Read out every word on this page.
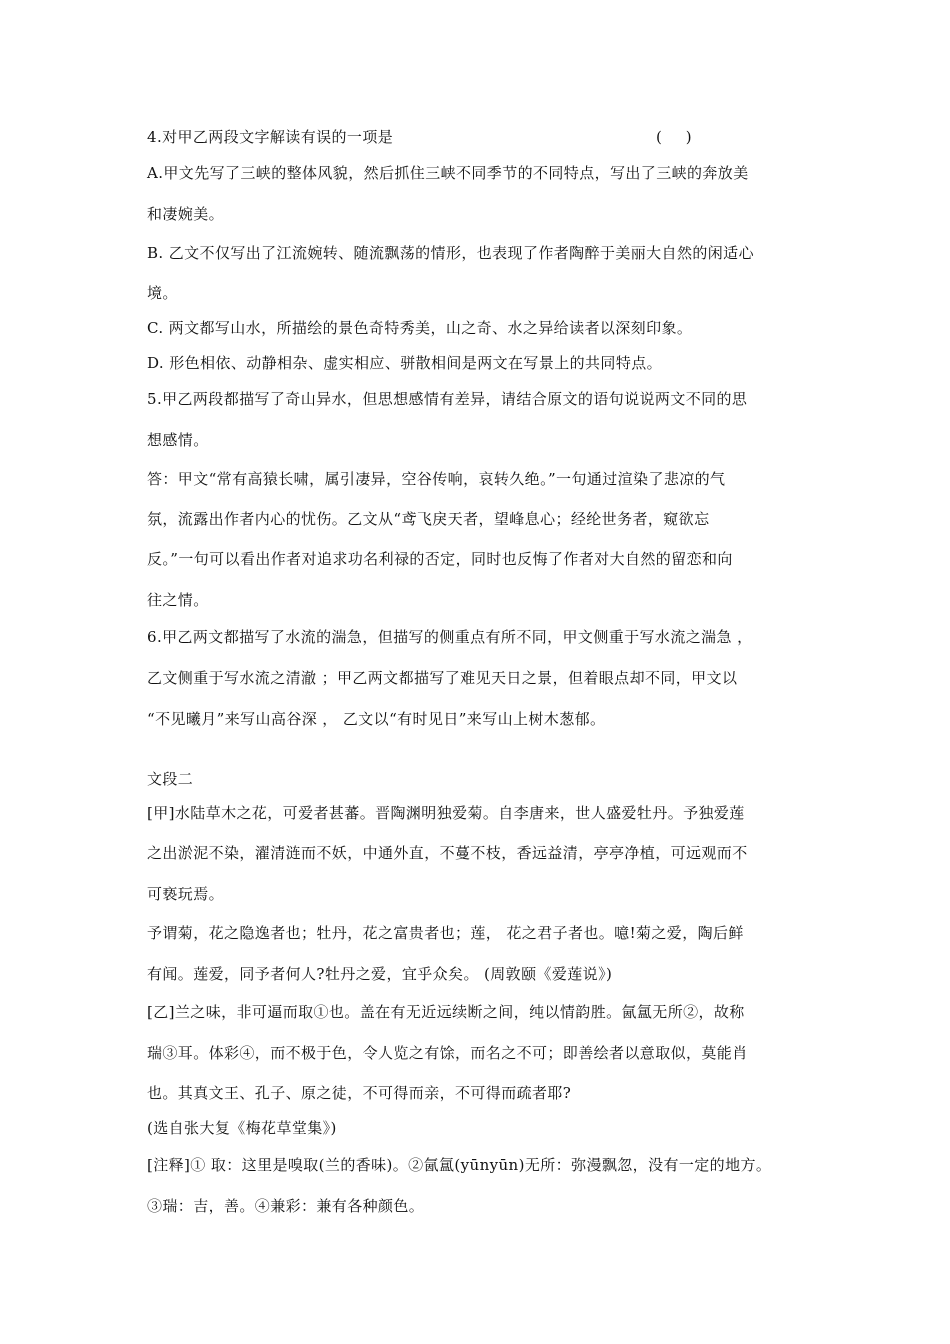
4.对甲乙两段文字解读有误的一项是	(     )
A.甲文先写了三峡的整体风貌，然后抓住三峡不同季节的不同特点，写出了三峡的奔放美
和凄婉美。
B. 乙文不仅写出了江流婉转、随流飘荡的情形，也表现了作者陶醉于美丽大自然的闲适心
境。
C. 两文都写山水，所描绘的景色奇特秀美，山之奇、水之异给读者以深刻印象。
D. 形色相依、动静相杂、虚实相应、骈散相间是两文在写景上的共同特点。
5.甲乙两段都描写了奇山异水，但思想感情有差异，请结合原文的语句说说两文不同的思
想感情。
答：甲文“常有高猿长啸，属引凄异，空谷传响，哀转久绝。”一句通过渲染了悲凉的气
氛，流露出作者内心的忧伤。乙文从“鸢飞戾天者，望峰息心；经纶世务者，窥欲忘
反。”一句可以看出作者对追求功名利禄的否定，同时也反悔了作者对大自然的留恋和向
往之情。
6.甲乙两文都描写了水流的湍急，但描写的侧重点有所不同，甲文侧重于写水流之湍急 ，
乙文侧重于写水流之清澈 ；甲乙两文都描写了难见天日之景，但着眼点却不同，甲文以
“不见曦月”来写山高谷深 ， 乙文以“有时见日”来写山上树木葱郁。
文段二
[甲]水陆草木之花，可爱者甚蕃。晋陶渊明独爱菊。自李唐来，世人盛爱牡丹。予独爱莲
之出淤泥不染，濯清涟而不妖，中通外直，不蔓不枝，香远益清，亭亭净植，可远观而不
可亵玩焉。
予谓菊，花之隐逸者也；牡丹，花之富贵者也；莲， 花之君子者也。噫!菊之爱，陶后鲜
有闻。莲爱，同予者何人?牡丹之爱，宜乎众矣。 (周敦颐《爱莲说》)
[乙]兰之味，非可逼而取①也。盖在有无近远续断之间，纯以情韵胜。氤氲无所②，故称
瑞③耳。体彩④，而不极于色，令人览之有馀，而名之不可；即善绘者以意取似，莫能肖
也。其真文王、孔子、原之徒，不可得而亲，不可得而疏者耶?
(选自张大复《梅花草堂集》)
[注释]① 取：这里是嗅取(兰的香味)。②氤氲(yūnyūn)无所：弥漫飘忽，没有一定的地方。
③瑞：吉，善。④兼彩：兼有各种颜色。
